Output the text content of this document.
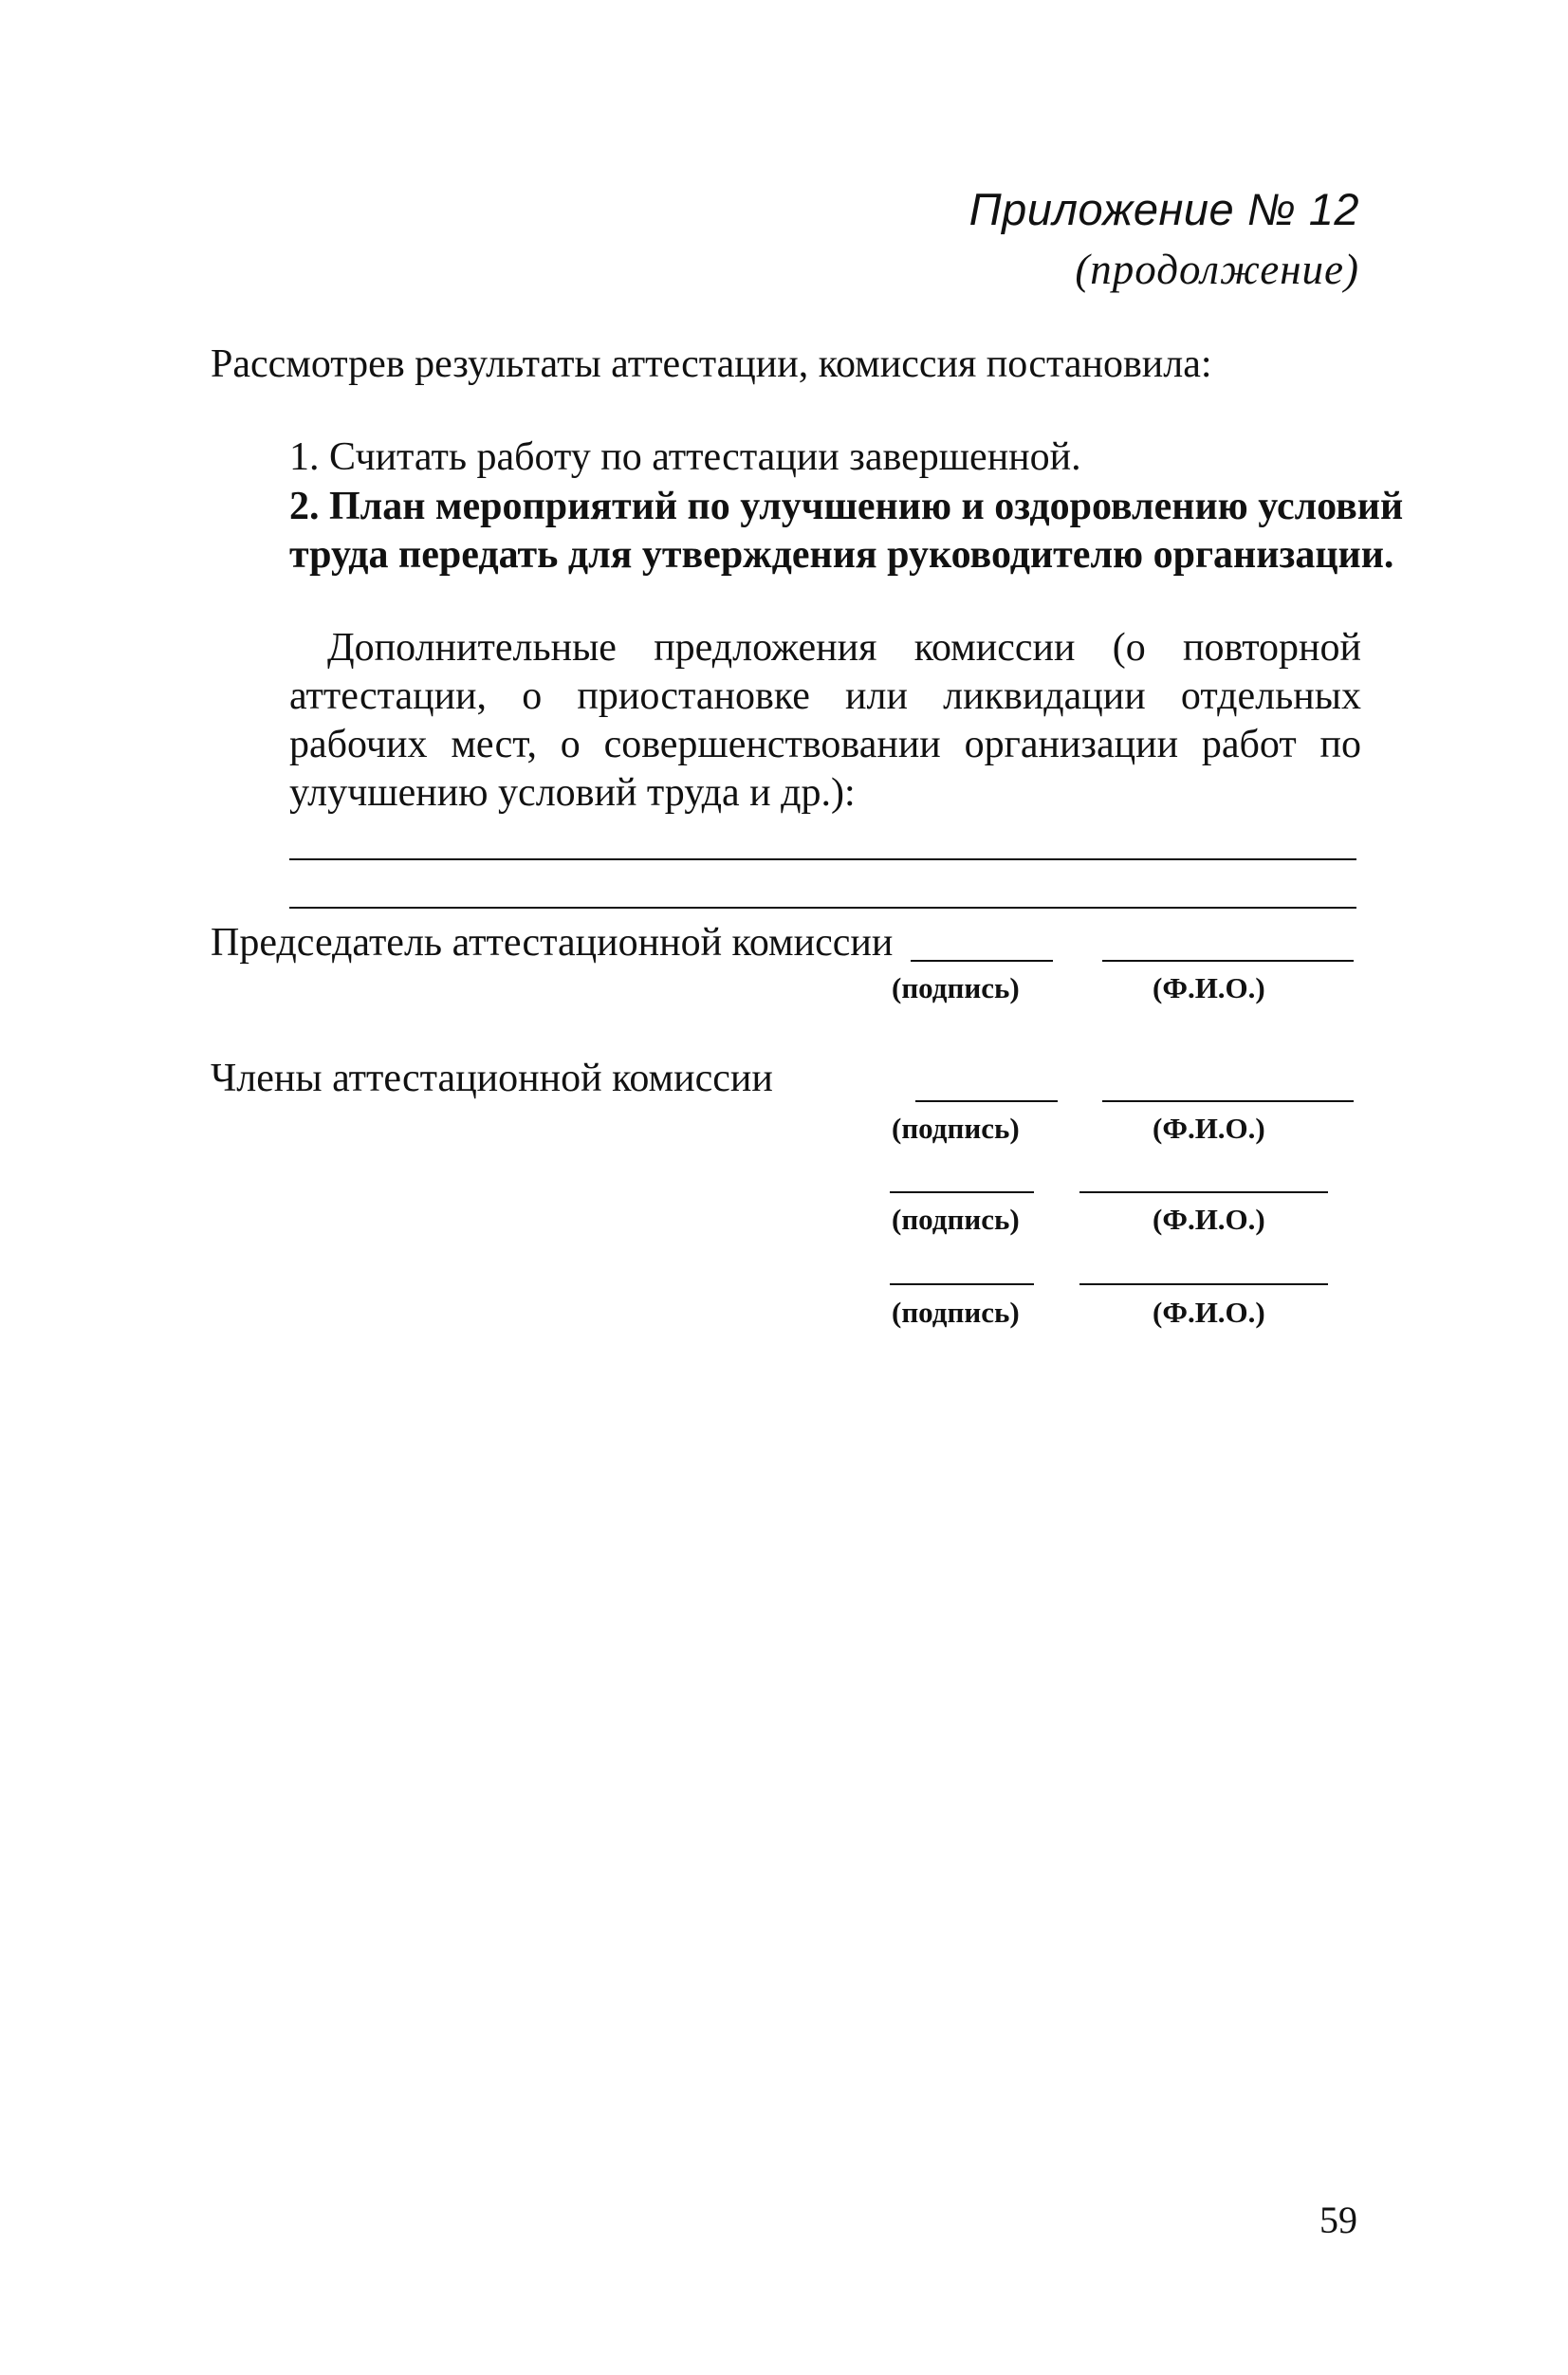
Приложение № 12
(продолжение)
Рассмотрев результаты аттестации, комиссия постановила:
1. Считать работу по аттестации завершенной.
2. План мероприятий по улучшению и оздоровлению условий
труда передать для утверждения руководителю организации.
Дополнительные предложения комиссии (о повторной
аттестации, о приостановке или ликвидации отдельных
рабочих мест, о совершенствовании организации работ по
улучшению условий труда и др.):
Председатель аттестационной комиссии
(подпись)	(Ф.И.О.)
Члены аттестационной комиссии
(подпись)	(Ф.И.О.)
(подпись)	(Ф.И.О.)
(подпись)	(Ф.И.О.)
59
